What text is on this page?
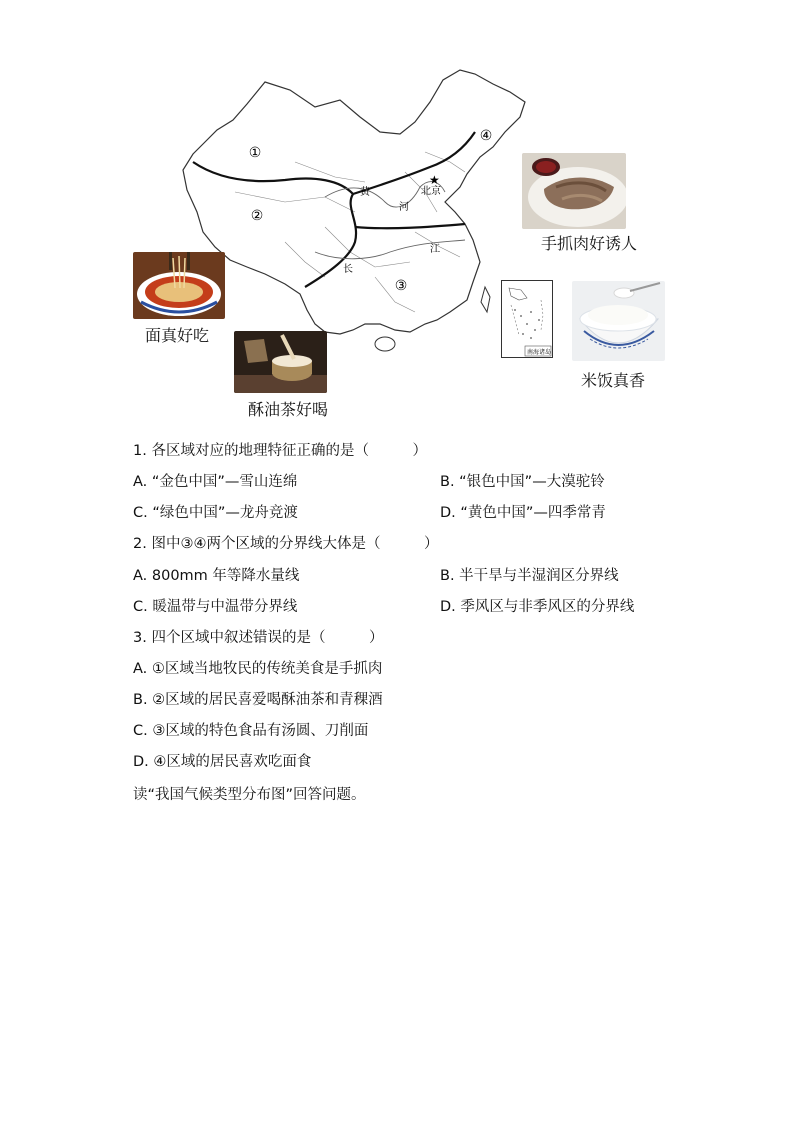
①
②
③
④
黄
河
江
长
★
北京
南海诸岛
手抓肉好诱人
面真好吃
酥油茶好喝
米饭真香
1. 各区域对应的地理特征正确的是（　　　）
A. “金色中国”—雪山连绵	B. “银色中国”—大漠驼铃
C. “绿色中国”—龙舟竞渡	D. “黄色中国”—四季常青
2. 图中③④两个区域的分界线大体是（　　　）
A. 800mm 年等降水量线	B. 半干旱与半湿润区分界线
C. 暖温带与中温带分界线	D. 季风区与非季风区的分界线
3. 四个区域中叙述错误的是（　　　）
A. ①区域当地牧民的传统美食是手抓肉
B. ②区域的居民喜爱喝酥油茶和青稞酒
C. ③区域的特色食品有汤圆、刀削面
D. ④区域的居民喜欢吃面食
读“我国气候类型分布图”回答问题。
